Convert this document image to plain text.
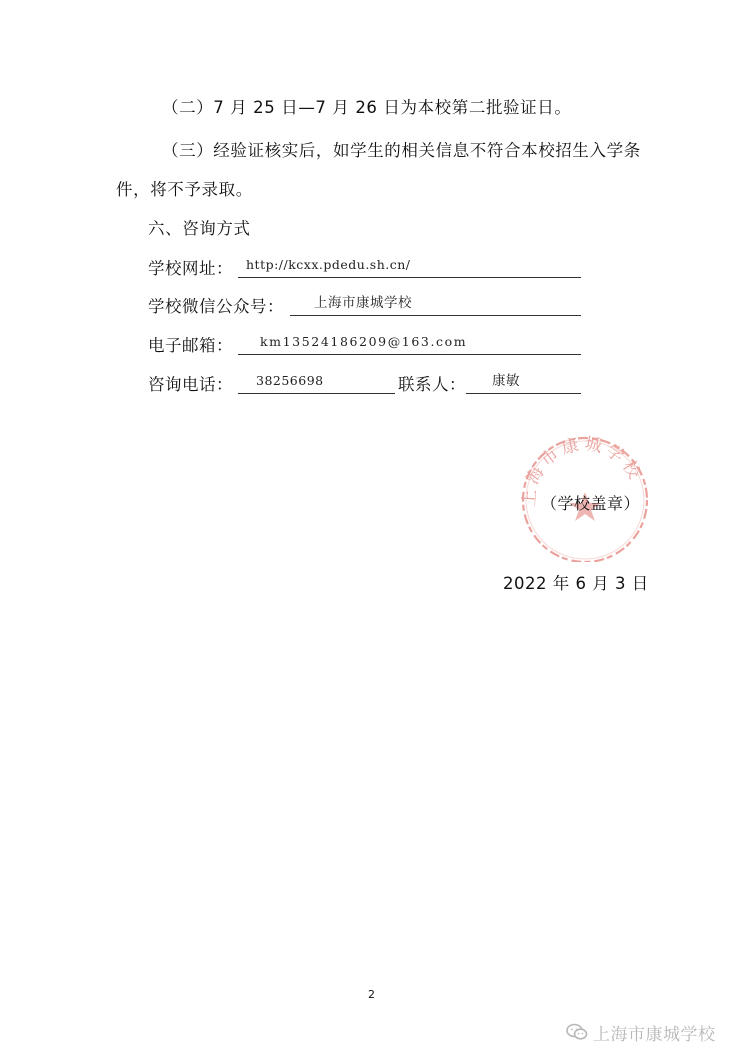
（二）7 月 25 日—7 月 26 日为本校第二批验证日。
（三）经验证核实后，如学生的相关信息不符合本校招生入学条
件，将不予录取。
六、咨询方式
学校网址： http://kcxx.pdedu.sh.cn/
学校微信公众号： 上海市康城学校
电子邮箱： km13524186209@163.com
咨询电话： 38256698	联系人： 康敏
上海市康城学校
（学校盖章）
2022 年 6 月 3 日
2
上海市康城学校
